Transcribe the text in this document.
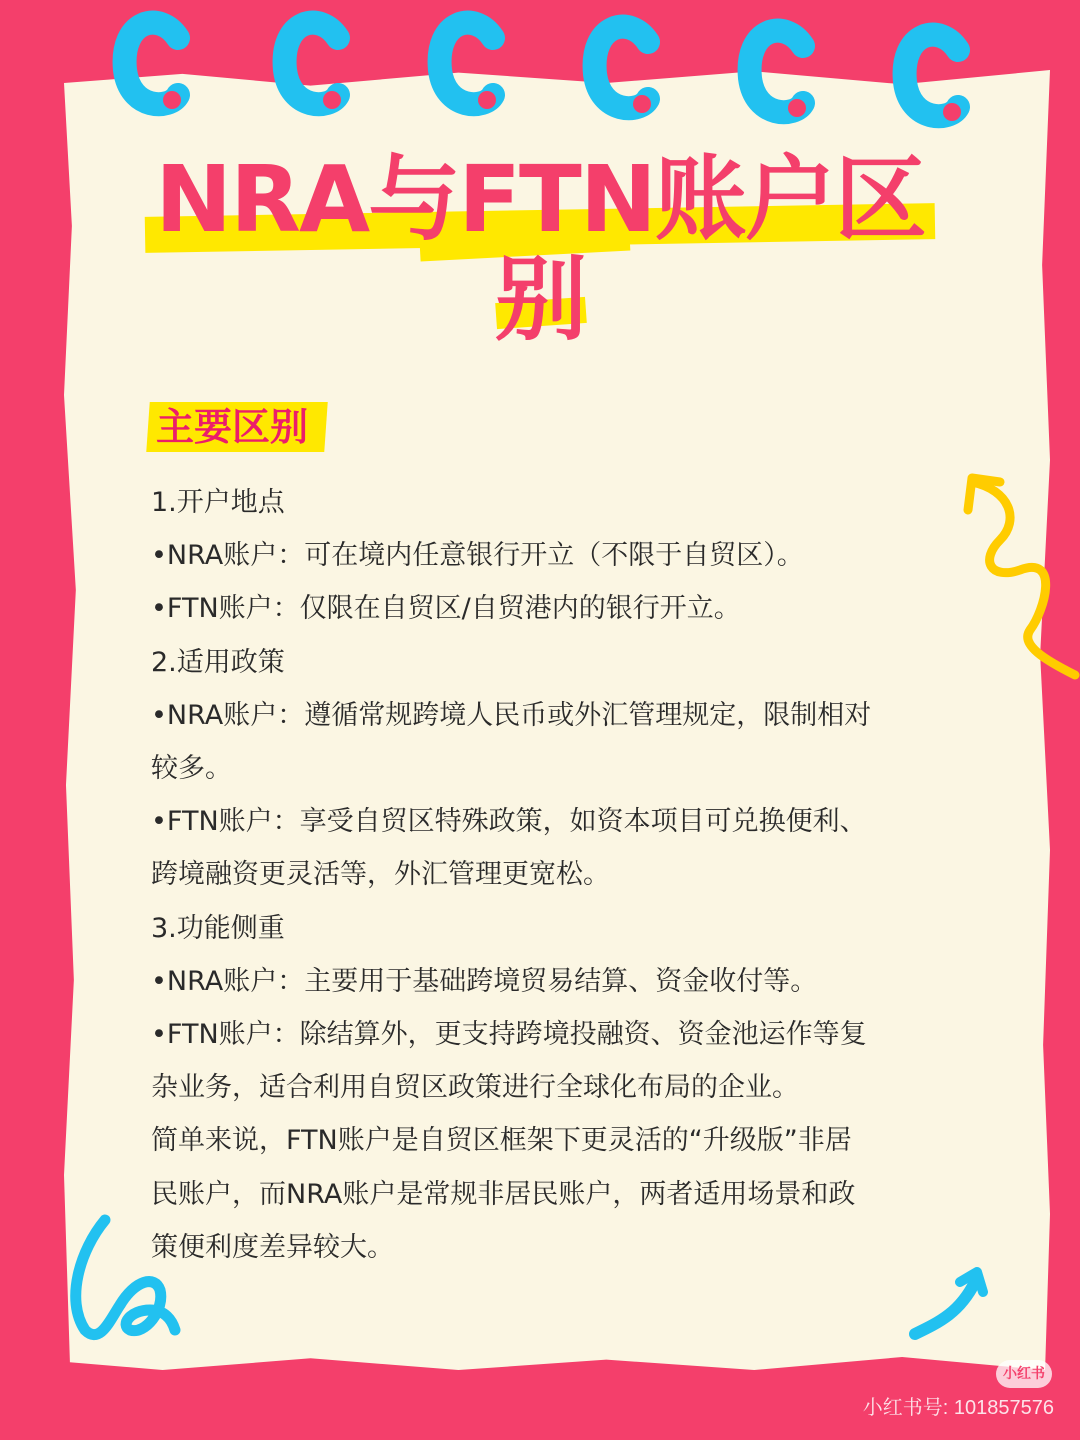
NRA与FTN账户区
别
主要区别

1.开户地点

•NRA账户：可在境内任意银行开立（不限于自贸区）。

•FTN账户：仅限在自贸区/自贸港内的银行开立。

2.适用政策

•NRA账户：遵循常规跨境人民币或外汇管理规定，限制相对

较多。

•FTN账户：享受自贸区特殊政策，如资本项目可兑换便利、

跨境融资更灵活等，外汇管理更宽松。

3.功能侧重

•NRA账户：主要用于基础跨境贸易结算、资金收付等。

•FTN账户：除结算外，更支持跨境投融资、资金池运作等复

杂业务，适合利用自贸区政策进行全球化布局的企业。

简单来说，FTN账户是自贸区框架下更灵活的“升级版”非居

民账户，而NRA账户是常规非居民账户，两者适用场景和政

策便利度差异较大。

小红书
小红书号: 101857576
